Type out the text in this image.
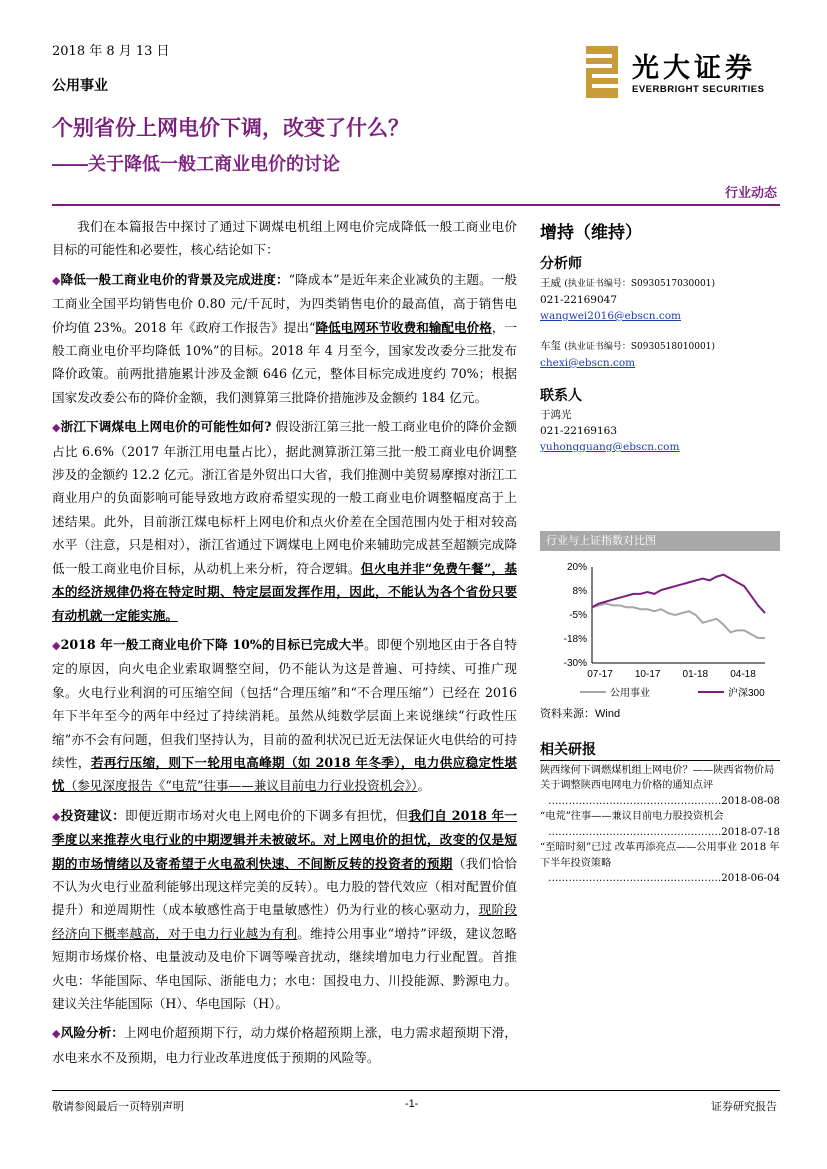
2018 年 8 月 13 日
公用事业
光大证券
EVERBRIGHT SECURITIES
个别省份上网电价下调，改变了什么？
——关于降低一般工商业电价的讨论
行业动态

我们在本篇报告中探讨了通过下调煤电机组上网电价完成降低一般工商业电价目标的可能性和必要性，核心结论如下：

◆降低一般工商业电价的背景及完成进度：“降成本”是近年来企业减负的主题。一般工商业全国平均销售电价 0.80 元/千瓦时，为四类销售电价的最高值，高于销售电价均值 23%。2018 年《政府工作报告》提出“降低电网环节收费和输配电价格，一般工商业电价平均降低 10%”的目标。2018 年 4 月至今，国家发改委分三批发布降价政策。前两批措施累计涉及金额 646 亿元，整体目标完成进度约 70%；根据国家发改委公布的降价金额，我们测算第三批降价措施涉及金额约 184 亿元。

◆浙江下调煤电上网电价的可能性如何? 假设浙江第三批一般工商业电价的降价金额占比 6.6%（2017 年浙江用电量占比），据此测算浙江第三批一般工商业电价调整涉及的金额约 12.2 亿元。浙江省是外贸出口大省，我们推测中美贸易摩擦对浙江工商业用户的负面影响可能导致地方政府希望实现的一般工商业电价调整幅度高于上述结果。此外，目前浙江煤电标杆上网电价和点火价差在全国范围内处于相对较高水平（注意，只是相对），浙江省通过下调煤电上网电价来辅助完成甚至超额完成降低一般工商业电价目标，从动机上来分析，符合逻辑。但火电并非“免费午餐”，基本的经济规律仍将在特定时期、特定层面发挥作用，因此，不能认为各个省份只要有动机就一定能实施。

◆2018 年一般工商业电价下降 10%的目标已完成大半。即便个别地区由于各自特定的原因，向火电企业索取调整空间，仍不能认为这是普遍、可持续、可推广现象。火电行业利润的可压缩空间（包括“合理压缩”和“不合理压缩”）已经在 2016 年下半年至今的两年中经过了持续消耗。虽然从纯数学层面上来说继续“行政性压缩”亦不会有问题，但我们坚持认为，目前的盈利状况已近无法保证火电供给的可持续性，若再行压缩，则下一轮用电高峰期（如 2018 年冬季），电力供应稳定性堪忧（参见深度报告《“电荒”往事——兼议目前电力行业投资机会》）。

◆投资建议：即便近期市场对火电上网电价的下调多有担忧，但我们自 2018 年一季度以来推荐火电行业的中期逻辑并未被破坏。对上网电价的担忧，改变的仅是短期的市场情绪以及寄希望于火电盈利快速、不间断反转的投资者的预期（我们恰恰不认为火电行业盈利能够出现这样完美的反转）。电力股的替代效应（相对配置价值提升）和逆周期性（成本敏感性高于电量敏感性）仍为行业的核心驱动力，现阶段经济向下概率越高，对于电力行业越为有利。维持公用事业“增持”评级，建议忽略短期市场煤价格、电量波动及电价下调等噪音扰动，继续增加电力行业配置。首推火电：华能国际、华电国际、浙能电力；水电：国投电力、川投能源、黔源电力。建议关注华能国际（H）、华电国际（H）。

◆风险分析：上网电价超预期下行，动力煤价格超预期上涨，电力需求超预期下滑，水电来水不及预期，电力行业改革进度低于预期的风险等。

增持（维持）
分析师
王威 (执业证书编号：S0930517030001)
021-22169047
wangwei2016@ebscn.com
车玺 (执业证书编号：S0930518010001)
chexi@ebscn.com
联系人
于鸿光
021-22169163
yuhongguang@ebscn.com
行业与上证指数对比图
20%
8%
-5%
-18%
-30%
07-17 10-17 01-18 04-18
公用事业	沪深300
资料来源：Wind
相关研报
陕西缘何下调燃煤机组上网电价？——陕西省物价局关于调整陕西电网电力价格的通知点评
……………………………………………2018-08-08
“电荒”往事——兼议目前电力股投资机会
……………………………………………2018-07-18
“至暗时刻”已过 改革再添亮点——公用事业 2018 年下半年投资策略
……………………………………………2018-06-04
敬请参阅最后一页特别声明	-1-	证券研究报告
